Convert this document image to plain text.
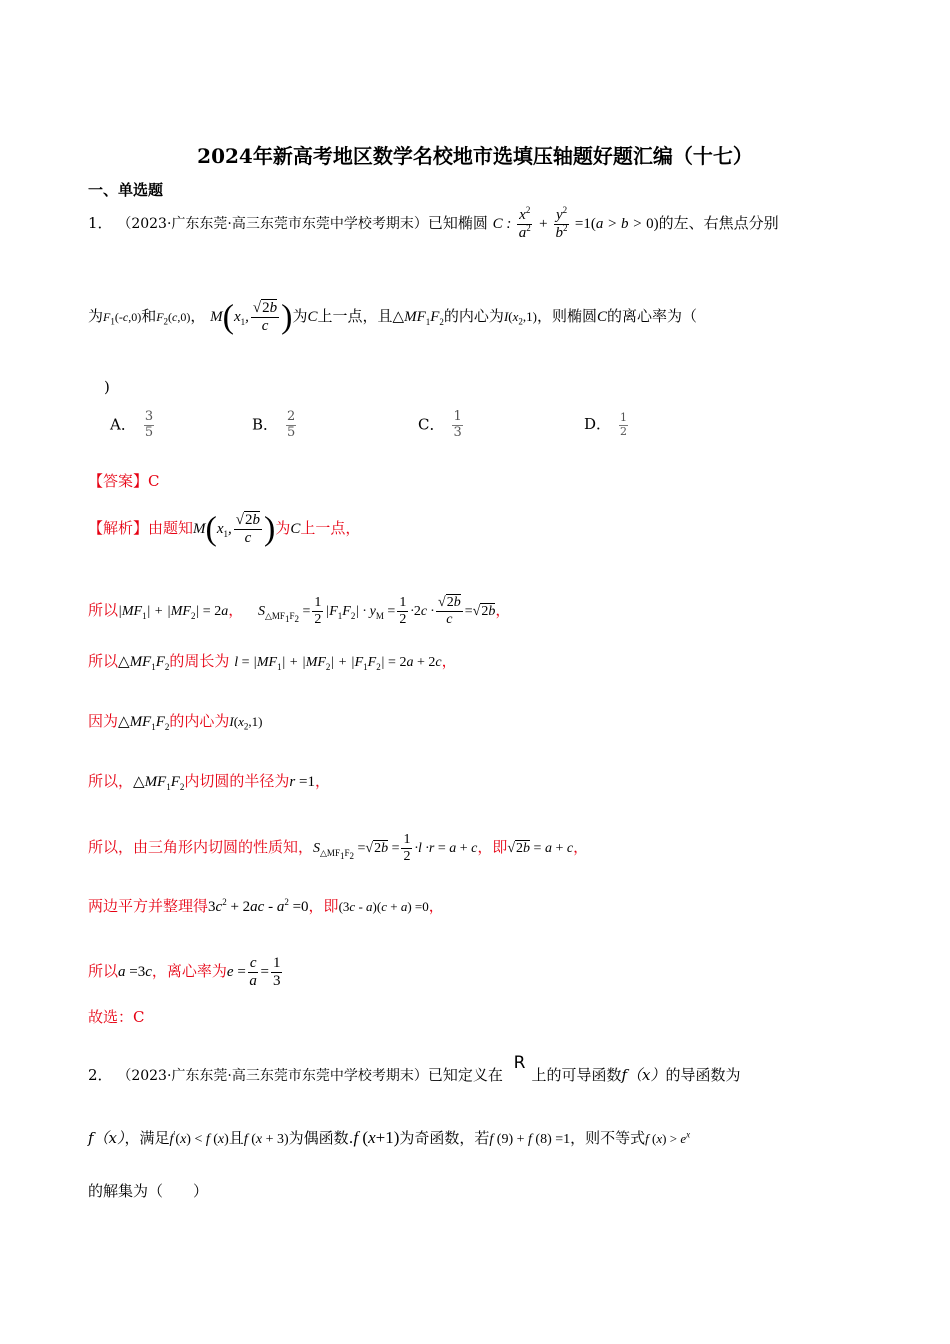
2024年新高考地区数学名校地市选填压轴题好题汇编（十七）
一、单选题
1． （2023·广东东莞·高三东莞市东莞中学校考期末）已知椭圆 C : $\frac{x^2}{a^2} + \frac{y^2}{b^2} =1(a > b > 0)$的左、右焦点分别
为$F_1(-c,0)$和$F_2(c,0)$， $M(x_1$, $\frac{√2b}{c}$ )为C上一点，且$\triangle MF_1F_2$的内心为$I(x_2,1)$，则椭圆C的离心率为（
)
A． $\frac{3}{5}$	B． $\frac{2}{5}$	C． $\frac{1}{3}$	D． $\frac{1}{2}$
【答案】C
【解析】由题知$M(x_1$, $\frac{√2b}{c}$ )为C上一点，
所以$|MF_1| + |MF_2| = 2a$， $S_{\triangle MF_1F_2} = \frac{1}{2} |F_1F_2| \cdot y_M = \frac{1}{2} \cdot 2c \cdot \frac{√2b}{c} =√2b$，
所以$\triangle MF_1F_2$的周长为 $l = |MF_1| + |MF_2| + |F_1F_2| = 2a + 2c$，
因为$\triangle MF_1F_2$的内心为$I(x_2,1)$
所以，$\triangle MF_1F_2$内切圆的半径为r =1，
所以，由三角形内切圆的性质知，$S_{\triangle MF_1F_2} =√2b = \frac{1}{2} \cdot l \cdot r = a + c$，即√2b = a + c，
两边平方并整理得$3c^2 + 2ac - a^2 =0$，即(3c - a)(c + a) =0，
所以a =3c，离心率为$e = \frac{c}{a} = \frac{1}{3}$
故选：C
2． （2023·广东东莞·高三东莞市东莞中学校考期末）已知定义在 R上的可导函数f（x）的导函数为
f（x），满足f′(x) < f (x)且f (x + 3)为偶函数.f (x+1)为奇函数，若f (9) + f (8) =1，则不等式f $(x) > e^x$
的解集为（　　）
